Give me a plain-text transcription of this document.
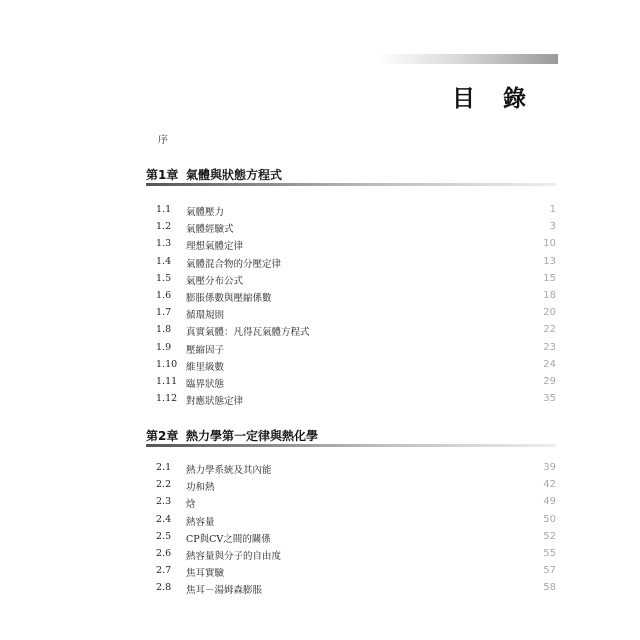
目 錄
序
第1章 氣體與狀態方程式
1.1 氣體壓力	1
1.2 氣體經驗式	3
1.3 理想氣體定律	10
1.4 氣體混合物的分壓定律	13
1.5 氣壓分布公式	15
1.6 膨脹係數與壓縮係數	18
1.7 循環規則	20
1.8 真實氣體：凡得瓦氣體方程式	22
1.9 壓縮因子	23
1.10 維里級數	24
1.11 臨界狀態	29
1.12 對應狀態定律	35
第2章 熱力學第一定律與熱化學
2.1 熱力學系統及其內能	39
2.2 功和熱	42
2.3 焓	49
2.4 熱容量	50
2.5 CP與CV之間的關係	52
2.6 熱容量與分子的自由度	55
2.7 焦耳實驗	57
2.8 焦耳－湯姆森膨脹	58
